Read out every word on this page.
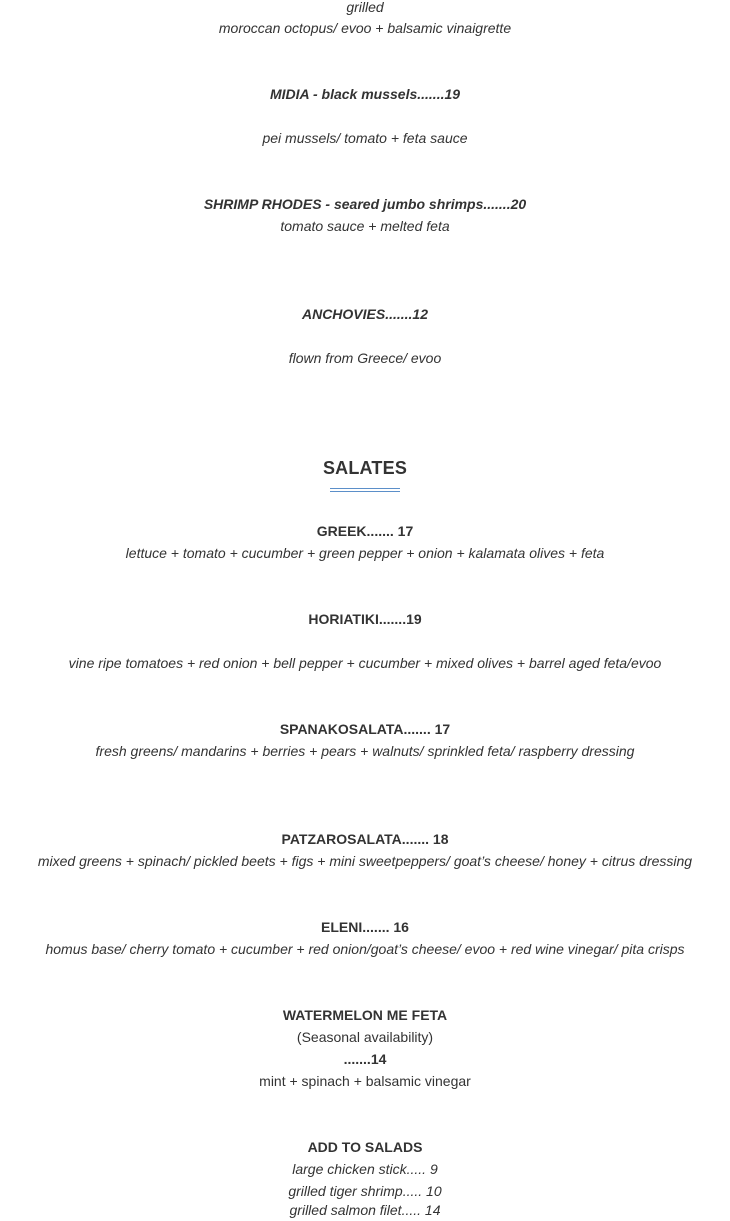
grilled
moroccan octopus/ evoo + balsamic vinaigrette
MIDIA - black mussels.......19
pei mussels/ tomato + feta sauce
SHRIMP RHODES - seared jumbo shrimps.......20
tomato sauce + melted feta
ANCHOVIES.......12
flown from Greece/ evoo
SALATES
GREEK....... 17
lettuce + tomato + cucumber + green pepper + onion + kalamata olives + feta
HORIATIKI.......19
vine ripe tomatoes + red onion + bell pepper + cucumber + mixed olives + barrel aged feta/evoo
SPANAKOSALATA....... 17
fresh greens/ mandarins + berries + pears + walnuts/ sprinkled feta/ raspberry dressing
PATZAROSALATA....... 18
mixed greens + spinach/ pickled beets + figs + mini sweetpeppers/ goat’s cheese/ honey + citrus dressing
ELENI....... 16
homus base/ cherry tomato + cucumber + red onion/goat’s cheese/ evoo + red wine vinegar/ pita crisps
WATERMELON ME FETA
(Seasonal availability)
.......14
mint + spinach + balsamic vinegar
ADD TO SALADS
large chicken stick..... 9
grilled tiger shrimp..... 10
grilled salmon filet..... 14
